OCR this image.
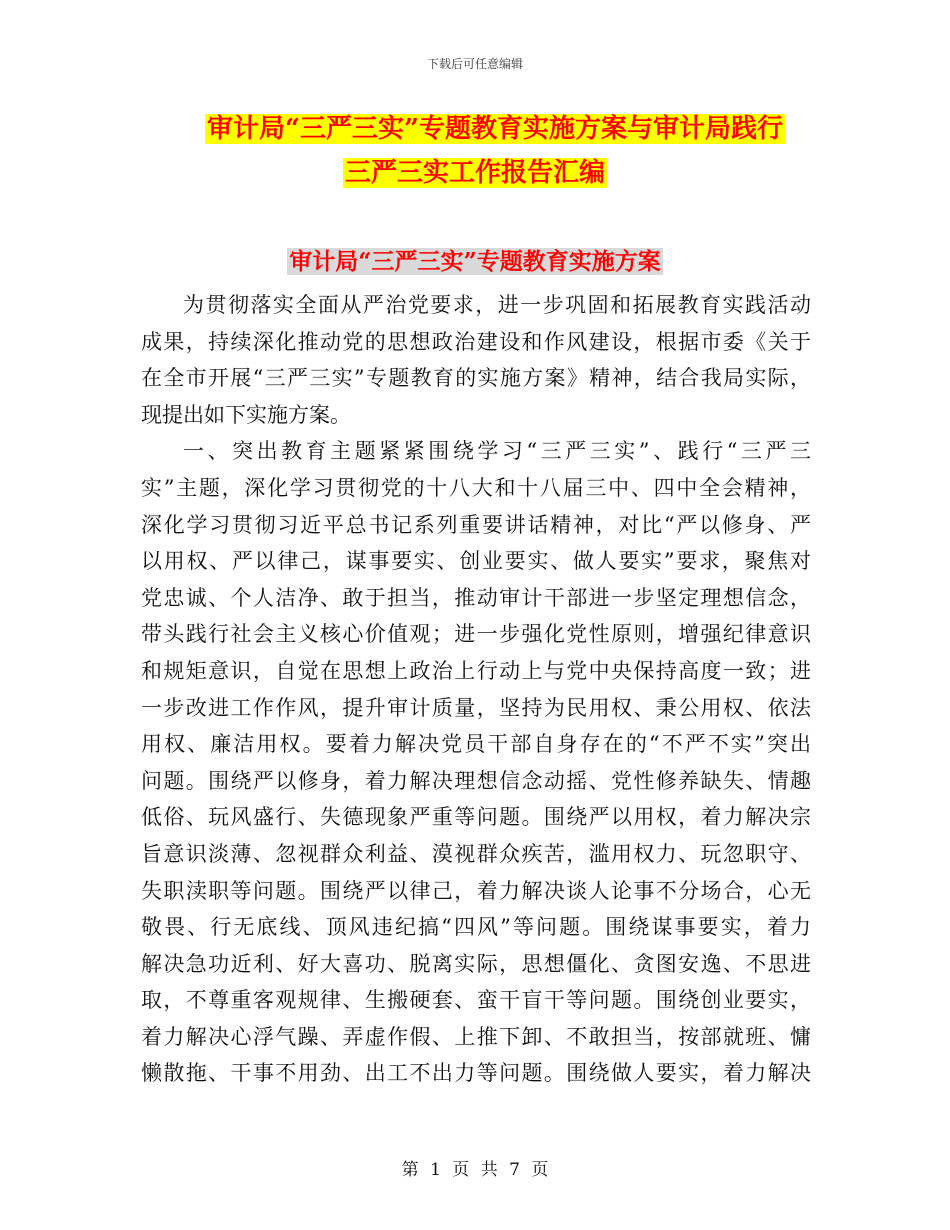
下载后可任意编辑
审计局“三严三实”专题教育实施方案与审计局践行
三严三实工作报告汇编
审计局“三严三实”专题教育实施方案
为贯彻落实全面从严治党要求，进一步巩固和拓展教育实践活动
成果，持续深化推动党的思想政治建设和作风建设，根据市委《关于
在全市开展“三严三实”专题教育的实施方案》精神，结合我局实际，
现提出如下实施方案。
一、突出教育主题紧紧围绕学习“三严三实”、践行“三严三
实”主题，深化学习贯彻党的十八大和十八届三中、四中全会精神，
深化学习贯彻习近平总书记系列重要讲话精神，对比“严以修身、严
以用权、严以律己，谋事要实、创业要实、做人要实”要求，聚焦对
党忠诚、个人洁净、敢于担当，推动审计干部进一步坚定理想信念，
带头践行社会主义核心价值观；进一步强化党性原则，增强纪律意识
和规矩意识，自觉在思想上政治上行动上与党中央保持高度一致；进
一步改进工作作风，提升审计质量，坚持为民用权、秉公用权、依法
用权、廉洁用权。要着力解决党员干部自身存在的“不严不实”突出
问题。围绕严以修身，着力解决理想信念动摇、党性修养缺失、情趣
低俗、玩风盛行、失德现象严重等问题。围绕严以用权，着力解决宗
旨意识淡薄、忽视群众利益、漠视群众疾苦，滥用权力、玩忽职守、
失职渎职等问题。围绕严以律己，着力解决谈人论事不分场合，心无
敬畏、行无底线、顶风违纪搞“四风”等问题。围绕谋事要实，着力
解决急功近利、好大喜功、脱离实际，思想僵化、贪图安逸、不思进
取，不尊重客观规律、生搬硬套、蛮干盲干等问题。围绕创业要实，
着力解决心浮气躁、弄虚作假、上推下卸、不敢担当，按部就班、慵
懒散拖、干事不用劲、出工不出力等问题。围绕做人要实，着力解决
第 1 页 共 7 页
